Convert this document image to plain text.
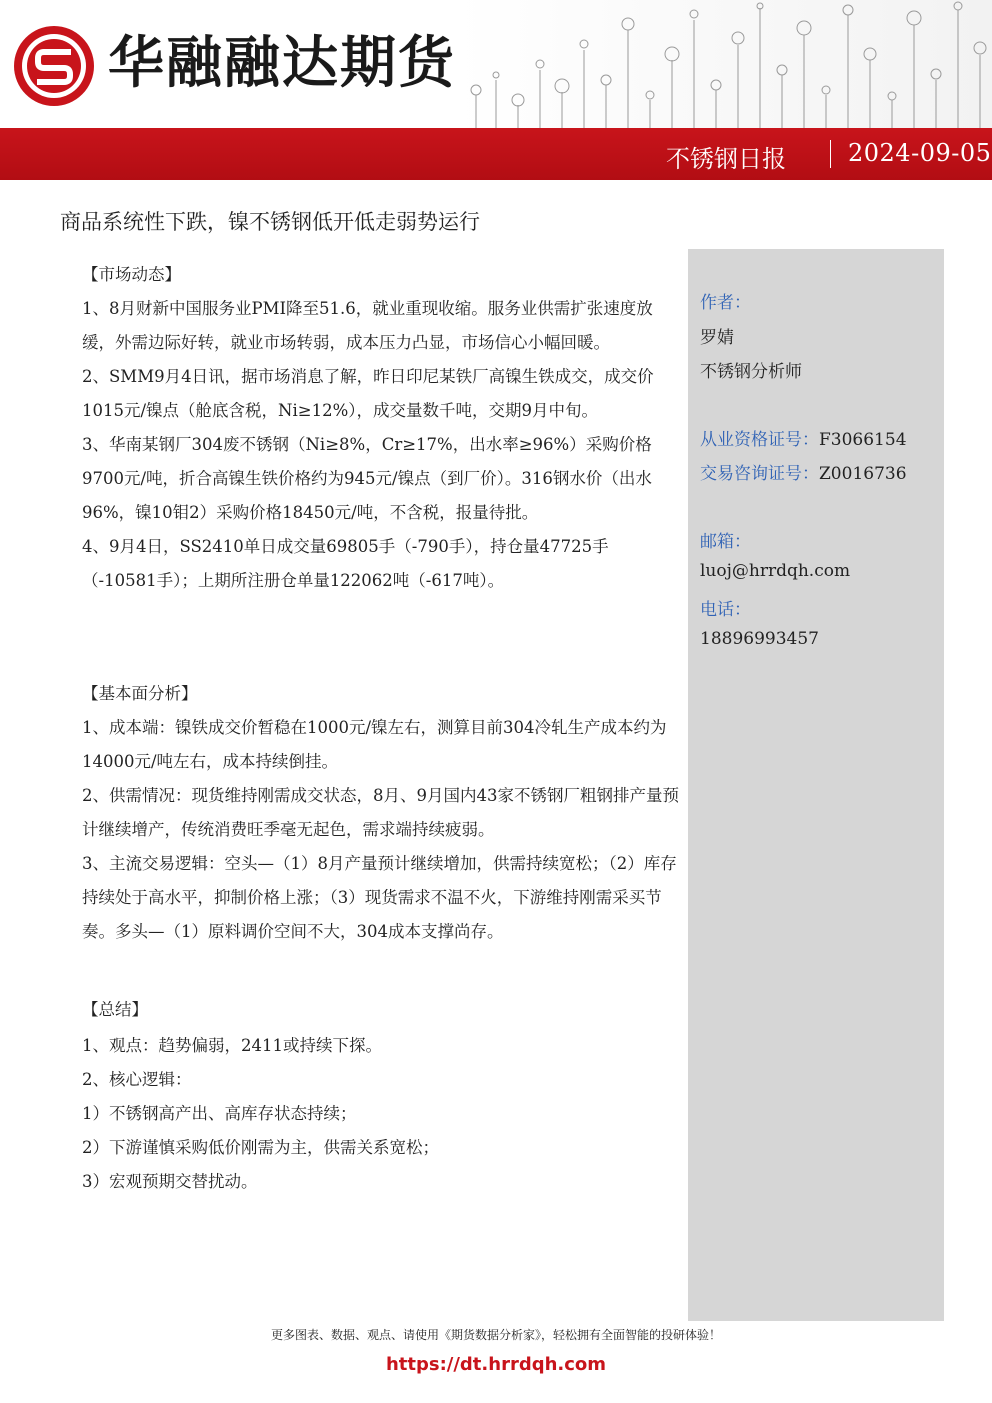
华融融达期货
不锈钢日报	2024-09-05
商品系统性下跌，镍不锈钢低开低走弱势运行
作者：
罗婧
不锈钢分析师
从业资格证号：F3066154
交易咨询证号：Z0016736
邮箱：
luoj@hrrdqh.com
电话：
18896993457
【市场动态】

1、8月财新中国服务业PMI降至51.6，就业重现收缩。服务业供需扩张速度放缓，外需边际好转，就业市场转弱，成本压力凸显，市场信心小幅回暖。

2、SMM9月4日讯，据市场消息了解，昨日印尼某铁厂高镍生铁成交，成交价1015元/镍点（舱底含税，Ni≥12%），成交量数千吨，交期9月中旬。

3、华南某钢厂304废不锈钢（Ni≥8%，Cr≥17%，出水率≥96%）采购价格9700元/吨，折合高镍生铁价格约为945元/镍点（到厂价）。316钢水价（出水96%，镍10钼2）采购价格18450元/吨，不含税，报量待批。

4、9月4日，SS2410单日成交量69805手（-790手），持仓量47725手（-10581手）；上期所注册仓单量122062吨（-617吨）。

【基本面分析】

1、成本端：镍铁成交价暂稳在1000元/镍左右，测算目前304冷轧生产成本约为14000元/吨左右，成本持续倒挂。

2、供需情况：现货维持刚需成交状态，8月、9月国内43家不锈钢厂粗钢排产量预计继续增产，传统消费旺季毫无起色，需求端持续疲弱。

3、主流交易逻辑：空头—（1）8月产量预计继续增加，供需持续宽松；（2）库存持续处于高水平，抑制价格上涨；（3）现货需求不温不火，下游维持刚需采买节奏。多头—（1）原料调价空间不大，304成本支撑尚存。

【总结】

1、观点：趋势偏弱，2411或持续下探。

2、核心逻辑：

1）不锈钢高产出、高库存状态持续；

2）下游谨慎采购低价刚需为主，供需关系宽松；

3）宏观预期交替扰动。

更多图表、数据、观点、请使用《期货数据分析家》，轻松拥有全面智能的投研体验！
https://dt.hrrdqh.com
